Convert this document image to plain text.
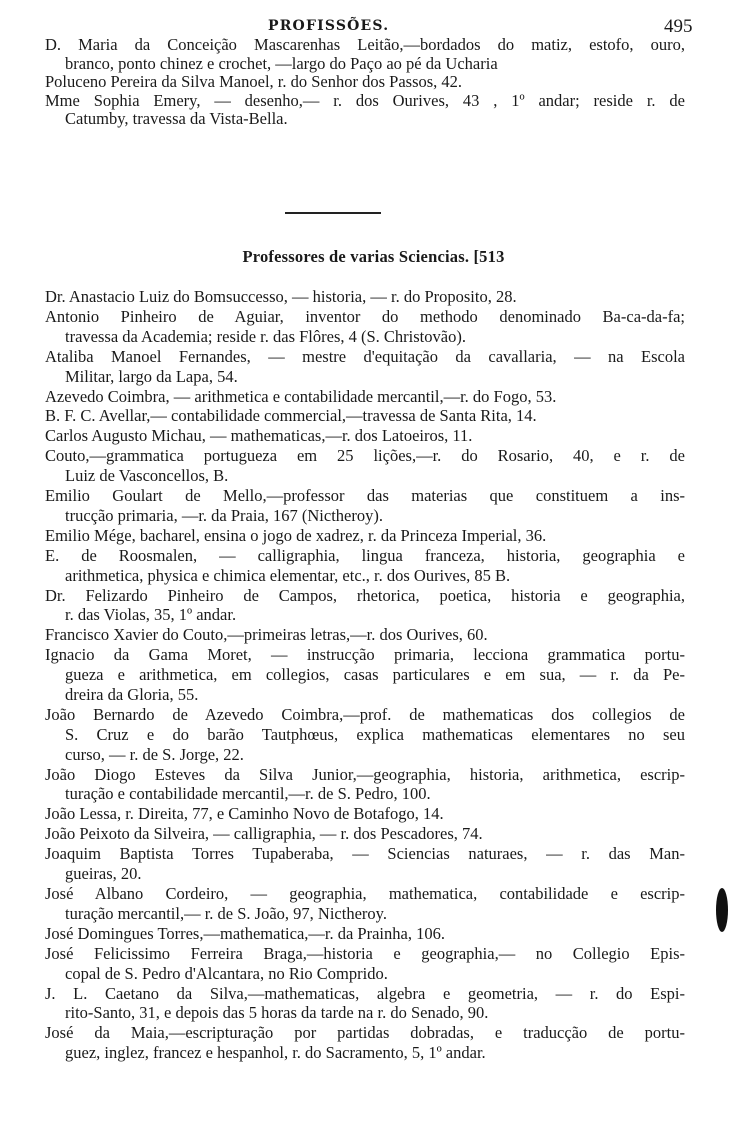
PROFISSÕES.	495
D. Maria da Conceição Mascarenhas Leitão,—bordados do matiz, estofo, ouro,
branco, ponto chinez e crochet, —largo do Paço ao pé da Ucharia
Poluceno Pereira da Silva Manoel, r. do Senhor dos Passos, 42.
Mme Sophia Emery, — desenho,— r. dos Ourives, 43 , 1º andar; reside r. de
Catumby, travessa da Vista-Bella.
Professores de varias Sciencias. [513
Dr. Anastacio Luiz do Bomsuccesso, — historia, — r. do Proposito, 28.
Antonio Pinheiro de Aguiar, inventor do methodo denominado Ba-ca-da-fa;
travessa da Academia; reside r. das Flôres, 4 (S. Christovão).
Ataliba Manoel Fernandes, — mestre d'equitação da cavallaria, — na Escola
Militar, largo da Lapa, 54.
Azevedo Coimbra, — arithmetica e contabilidade mercantil,—r. do Fogo, 53.
B. F. C. Avellar,— contabilidade commercial,—travessa de Santa Rita, 14.
Carlos Augusto Michau, — mathematicas,—r. dos Latoeiros, 11.
Couto,—grammatica portugueza em 25 lições,—r. do Rosario, 40, e r. de
Luiz de Vasconcellos, B.
Emilio Goulart de Mello,—professor das materias que constituem a ins-
trucção primaria, —r. da Praia, 167 (Nictheroy).
Emilio Mége, bacharel, ensina o jogo de xadrez, r. da Princeza Imperial, 36.
E. de Roosmalen, — calligraphia, lingua franceza, historia, geographia e
arithmetica, physica e chimica elementar, etc., r. dos Ourives, 85 B.
Dr. Felizardo Pinheiro de Campos, rhetorica, poetica, historia e geographia,
r. das Violas, 35, 1º andar.
Francisco Xavier do Couto,—primeiras letras,—r. dos Ourives, 60.
Ignacio da Gama Moret, — instrucção primaria, lecciona grammatica portu-
gueza e arithmetica, em collegios, casas particulares e em sua, — r. da Pe-
dreira da Gloria, 55.
João Bernardo de Azevedo Coimbra,—prof. de mathematicas dos collegios de
S. Cruz e do barão Tautphœus, explica mathematicas elementares no seu
curso, — r. de S. Jorge, 22.
João Diogo Esteves da Silva Junior,—geographia, historia, arithmetica, escrip-
turação e contabilidade mercantil,—r. de S. Pedro, 100.
João Lessa, r. Direita, 77, e Caminho Novo de Botafogo, 14.
João Peixoto da Silveira, — calligraphia, — r. dos Pescadores, 74.
Joaquim Baptista Torres Tupaberaba, — Sciencias naturaes, — r. das Man-
gueiras, 20.
José Albano Cordeiro, — geographia, mathematica, contabilidade e escrip-
turação mercantil,— r. de S. João, 97, Nictheroy.
José Domingues Torres,—mathematica,—r. da Prainha, 106.
José Felicissimo Ferreira Braga,—historia e geographia,— no Collegio Epis-
copal de S. Pedro d'Alcantara, no Rio Comprido.
J. L. Caetano da Silva,—mathematicas, algebra e geometria, — r. do Espi-
rito-Santo, 31, e depois das 5 horas da tarde na r. do Senado, 90.
José da Maia,—escripturação por partidas dobradas, e traducção de portu-
guez, inglez, francez e hespanhol, r. do Sacramento, 5, 1º andar.
